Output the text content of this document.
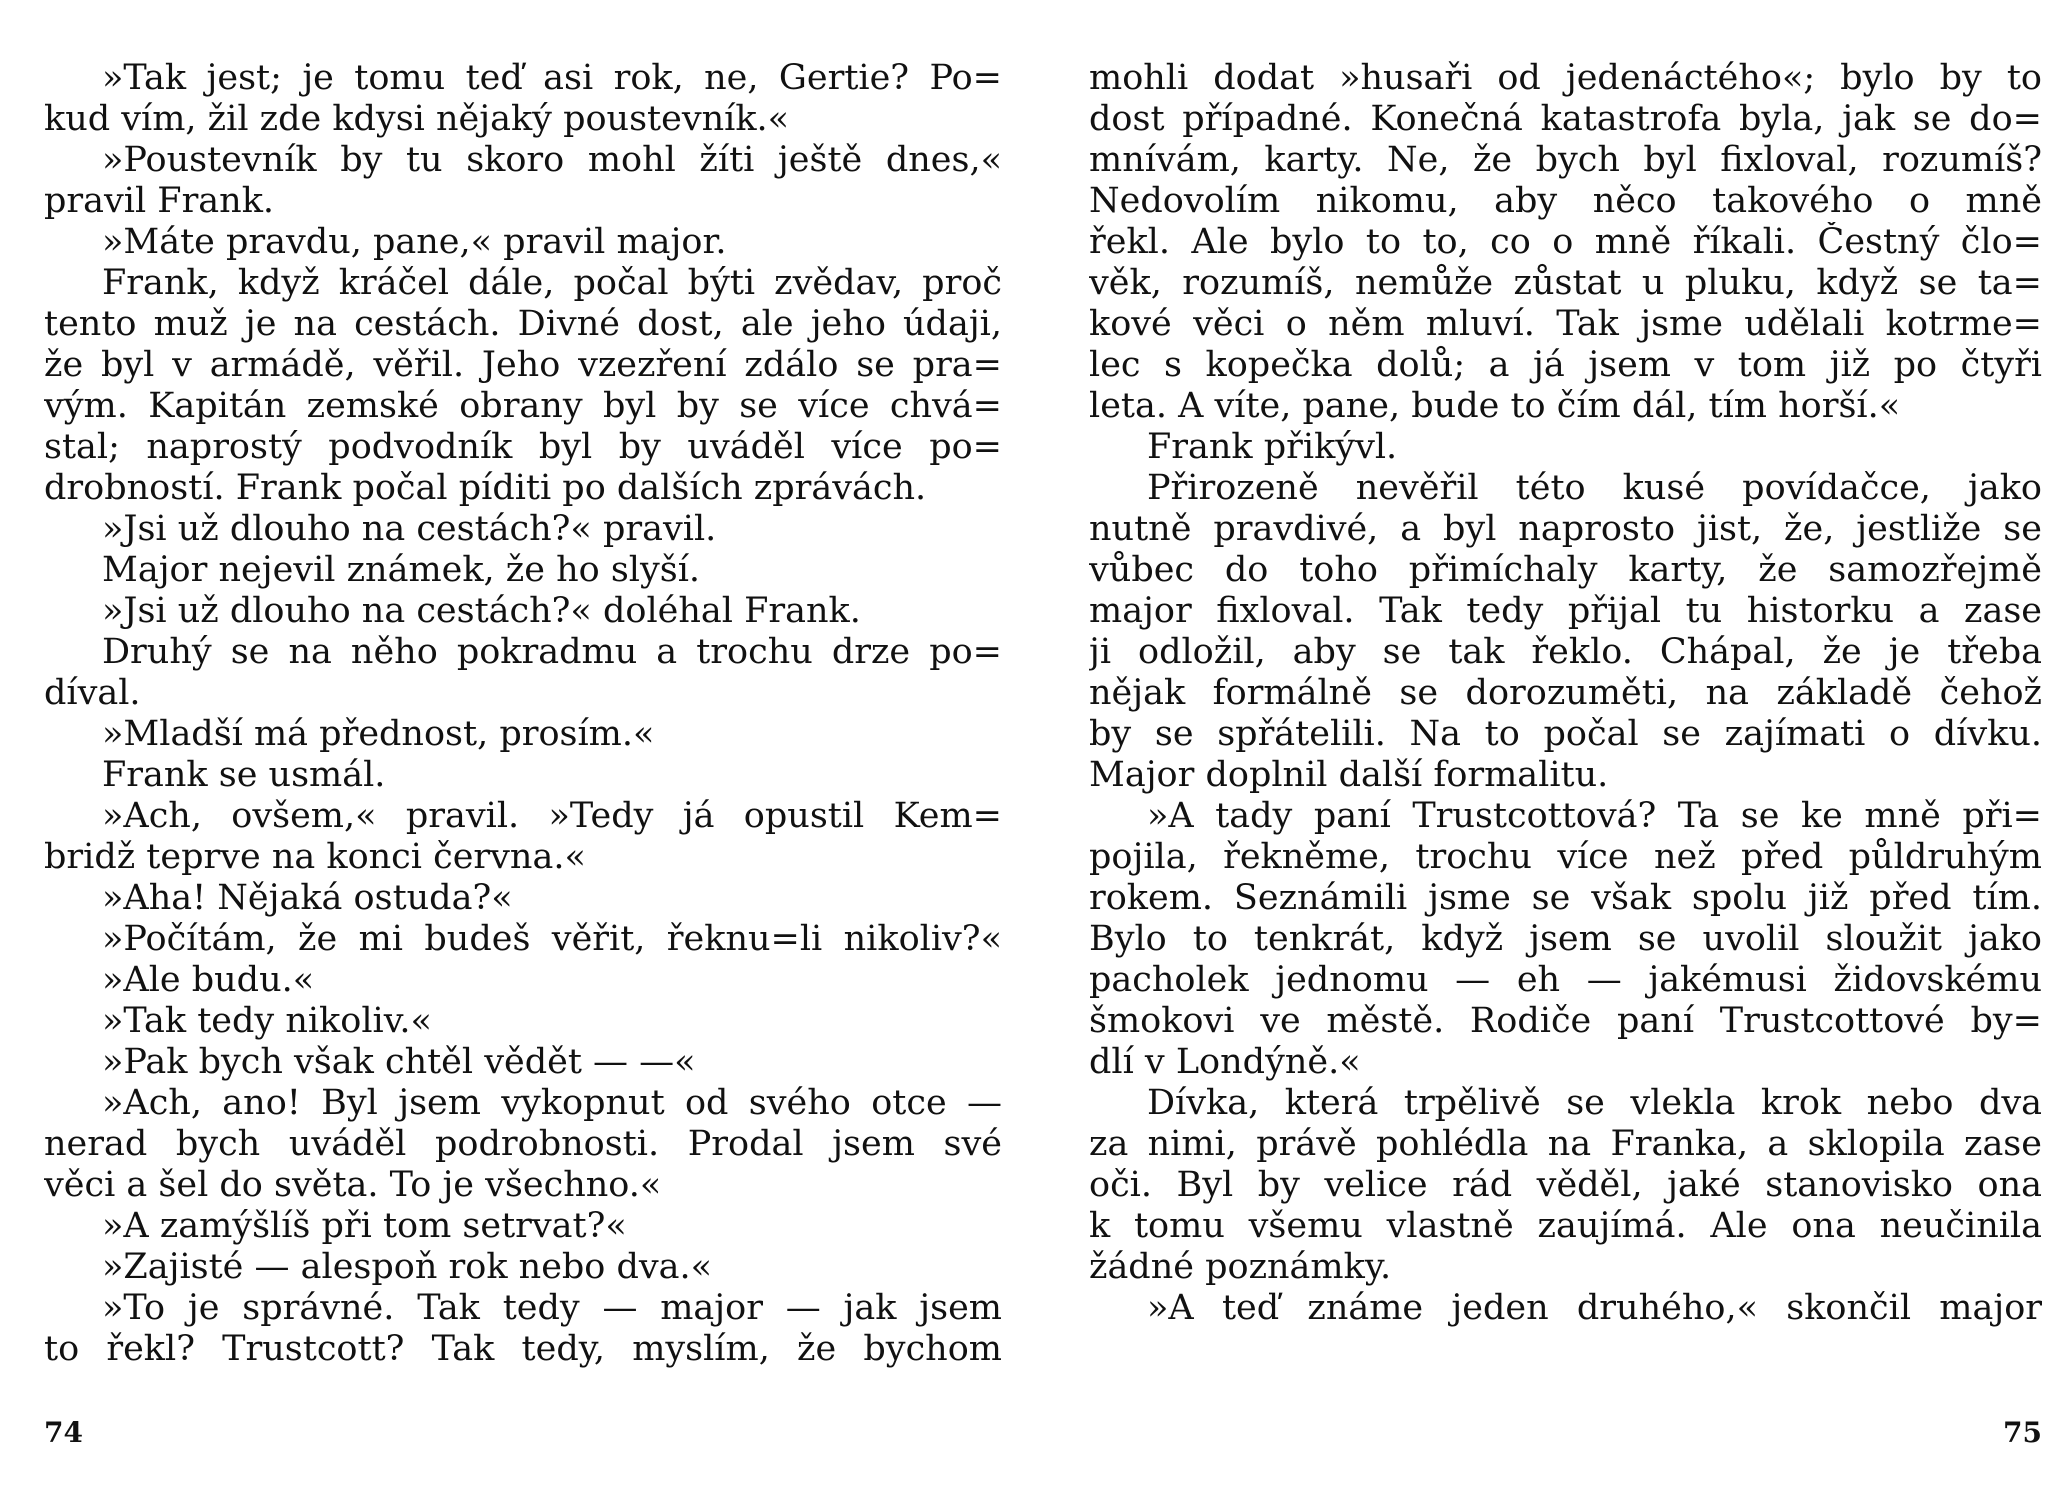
»Tak jest; je tomu teď asi rok, ne, Gertie? Po=
kud vím, žil zde kdysi nějaký poustevník.«
»Poustevník by tu skoro mohl žíti ještě dnes,«
pravil Frank.
»Máte pravdu, pane,« pravil major.
Frank, když kráčel dále, počal býti zvědav, proč
tento muž je na cestách. Divné dost, ale jeho údaji,
že byl v armádě, věřil. Jeho vzezření zdálo se pra=
vým. Kapitán zemské obrany byl by se více chvá=
stal; naprostý podvodník byl by uváděl více po=
drobností. Frank počal píditi po dalších zprávách.
»Jsi už dlouho na cestách?« pravil.
Major nejevil známek, že ho slyší.
»Jsi už dlouho na cestách?« doléhal Frank.
Druhý se na něho pokradmu a trochu drze po=
díval.
»Mladší má přednost, prosím.«
Frank se usmál.
»Ach, ovšem,« pravil. »Tedy já opustil Kem=
bridž teprve na konci června.«
»Aha! Nějaká ostuda?«
»Počítám, že mi budeš věřit, řeknu=li nikoliv?«
»Ale budu.«
»Tak tedy nikoliv.«
»Pak bych však chtěl vědět — —«
»Ach, ano! Byl jsem vykopnut od svého otce —
nerad bych uváděl podrobnosti. Prodal jsem své
věci a šel do světa. To je všechno.«
»A zamýšlíš při tom setrvat?«
»Zajisté — alespoň rok nebo dva.«
»To je správné. Tak tedy — major — jak jsem
to řekl? Trustcott? Tak tedy, myslím, že bychom
74
mohli dodat »husaři od jedenáctého«; bylo by to
dost případné. Konečná katastrofa byla, jak se do=
mnívám, karty. Ne, že bych byl fixloval, rozumíš?
Nedovolím nikomu, aby něco takového o mně
řekl. Ale bylo to to, co o mně říkali. Čestný člo=
věk, rozumíš, nemůže zůstat u pluku, když se ta=
kové věci o něm mluví. Tak jsme udělali kotrme=
lec s kopečka dolů; a já jsem v tom již po čtyři
leta. A víte, pane, bude to čím dál, tím horší.«
Frank přikývl.
Přirozeně nevěřil této kusé povídačce, jako
nutně pravdivé, a byl naprosto jist, že, jestliže se
vůbec do toho přimíchaly karty, že samozřejmě
major fixloval. Tak tedy přijal tu historku a zase
ji odložil, aby se tak řeklo. Chápal, že je třeba
nějak formálně se dorozuměti, na základě čehož
by se spřátelili. Na to počal se zajímati o dívku.
Major doplnil další formalitu.
»A tady paní Trustcottová? Ta se ke mně při=
pojila, řekněme, trochu více než před půldruhým
rokem. Seznámili jsme se však spolu již před tím.
Bylo to tenkrát, když jsem se uvolil sloužit jako
pacholek jednomu — eh — jakémusi židovskému
šmokovi ve městě. Rodiče paní Trustcottové by=
dlí v Londýně.«
Dívka, která trpělivě se vlekla krok nebo dva
za nimi, právě pohlédla na Franka, a sklopila zase
oči. Byl by velice rád věděl, jaké stanovisko ona
k tomu všemu vlastně zaujímá. Ale ona neučinila
žádné poznámky.
»A teď známe jeden druhého,« skončil major
75
